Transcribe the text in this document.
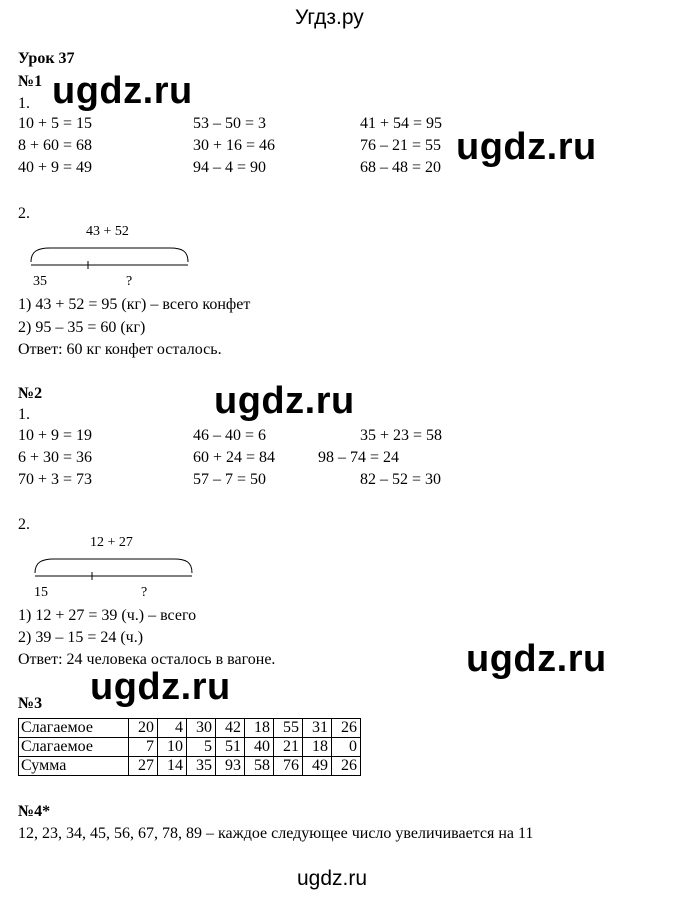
Угдз.ру
Урок 37
№1
1.
10 + 5 = 15	53 – 50 = 3	41 + 54 = 95
8 + 60 = 68	30 + 16 = 46	76 – 21 = 55
40 + 9 = 49	94 – 4 = 90	68 – 48 = 20
2.
43 + 52
35	?
1) 43 + 52 = 95 (кг) – всего конфет
2) 95 – 35 = 60 (кг)
Ответ: 60 кг конфет осталось.
№2
1.
10 + 9 = 19	46 – 40 = 6	35 + 23 = 58
6 + 30 = 36	60 + 24 = 84	98 – 74 = 24
70 + 3 = 73	57 – 7 = 50	82 – 52 = 30
2.
12 + 27
15	?
1) 12 + 27 = 39 (ч.) – всего
2) 39 – 15 = 24 (ч.)
Ответ: 24 человека осталось в вагоне.
№3
Слагаемое	20	4	30	42	18	55	31	26
Слагаемое	7	10	5	51	40	21	18	0
Сумма	27	14	35	93	58	76	49	26
№4*
12, 23, 34, 45, 56, 67, 78, 89 – каждое следующее число увеличивается на 11
ugdz.ru
ugdz.ru
ugdz.ru
ugdz.ru
ugdz.ru
ugdz.ru
